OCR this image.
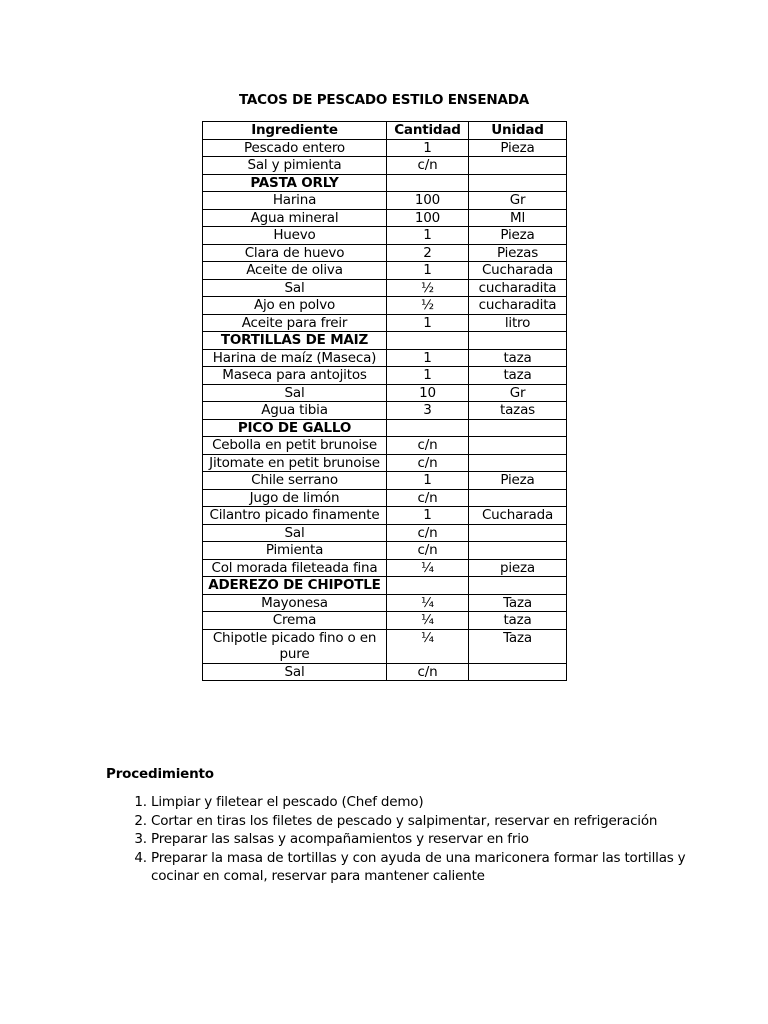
TACOS DE PESCADO ESTILO ENSENADA
Ingrediente	Cantidad	Unidad
Pescado entero	1	Pieza
Sal y pimienta	c/n	
PASTA ORLY		
Harina	100	Gr
Agua mineral	100	Ml
Huevo	1	Pieza
Clara de huevo	2	Piezas
Aceite de oliva	1	Cucharada
Sal	½	cucharadita
Ajo en polvo	½	cucharadita
Aceite para freir	1	litro
TORTILLAS DE MAIZ		
Harina de maíz (Maseca)	1	taza
Maseca para antojitos	1	taza
Sal	10	Gr
Agua tibia	3	tazas
PICO DE GALLO		
Cebolla en petit brunoise	c/n	
Jitomate en petit brunoise	c/n	
Chile serrano	1	Pieza
Jugo de limón	c/n	
Cilantro picado finamente	1	Cucharada
Sal	c/n	
Pimienta	c/n	
Col morada fileteada fina	¼	pieza
ADEREZO DE CHIPOTLE		
Mayonesa	¼	Taza
Crema	¼	taza
Chipotle picado fino o en pure	¼	Taza
Sal	c/n	
Procedimiento
1. Limpiar y filetear el pescado (Chef demo)
2. Cortar en tiras los filetes de pescado y salpimentar, reservar en refrigeración
3. Preparar las salsas y acompañamientos y reservar en frio
4. Preparar la masa de tortillas y con ayuda de una mariconera formar las tortillas y cocinar en comal, reservar para mantener caliente
